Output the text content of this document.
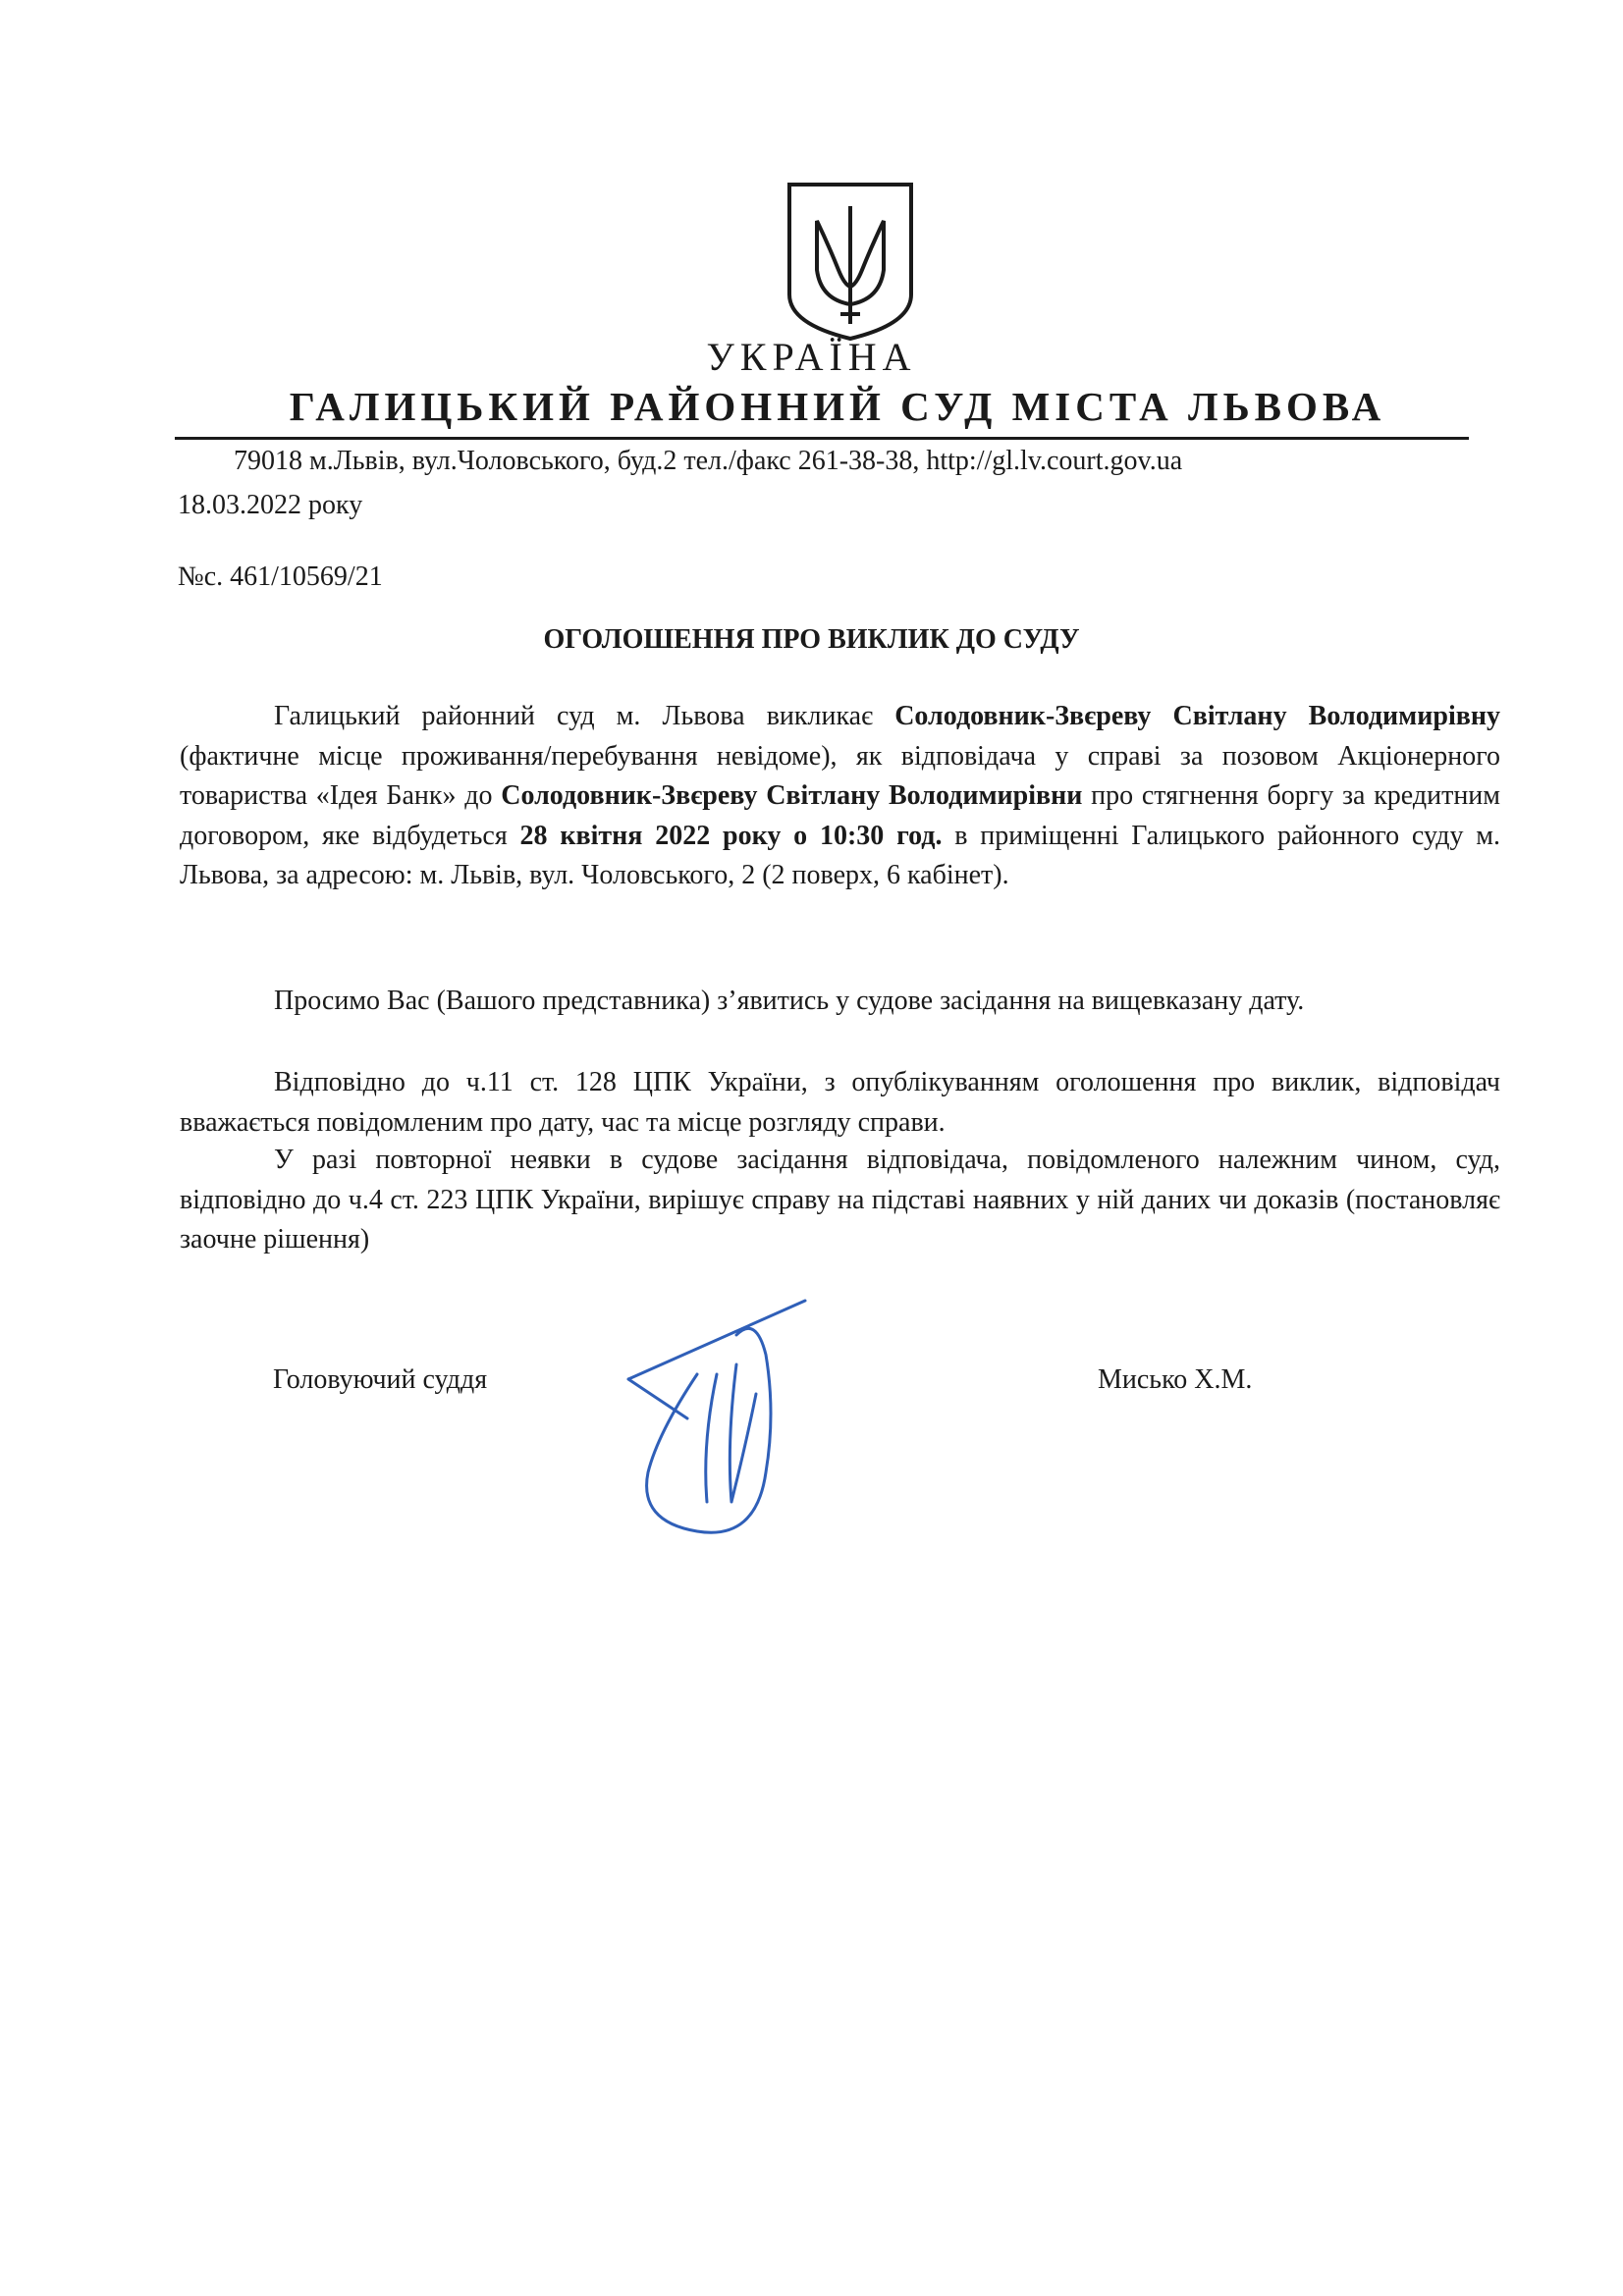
УКРАЇНА
ГАЛИЦЬКИЙ РАЙОННИЙ СУД МІСТА ЛЬВОВА
79018 м.Львів, вул.Чоловського, буд.2 тел./факс 261-38-38, http://gl.lv.court.gov.ua
18.03.2022 року
№с. 461/10569/21
ОГОЛОШЕННЯ ПРО ВИКЛИК ДО СУДУ

Галицький районний суд м. Львова викликає Солодовник-Звєреву Світлану Володимирівну (фактичне місце проживання/перебування невідоме), як відповідача у справі за позовом Акціонерного товариства «Ідея Банк» до Солодовник-Звєреву Світлану Володимирівни про стягнення боргу за кредитним договором, яке відбудеться 28 квітня 2022 року о 10:30 год. в приміщенні Галицького районного суду м. Львова, за адресою: м. Львів, вул. Чоловського, 2 (2 поверх, 6 кабінет).

Просимо Вас (Вашого представника) з’явитись у судове засідання на вищевказану дату.

Відповідно до ч.11 ст. 128 ЦПК України, з опублікуванням оголошення про виклик, відповідач вважається повідомленим про дату, час та місце розгляду справи.

У разі повторної неявки в судове засідання відповідача, повідомленого належним чином, суд, відповідно до ч.4 ст. 223 ЦПК України, вирішує справу на підставі наявних у ній даних чи доказів (постановляє заочне рішення)

Головуючий суддя	Мисько Х.М.
